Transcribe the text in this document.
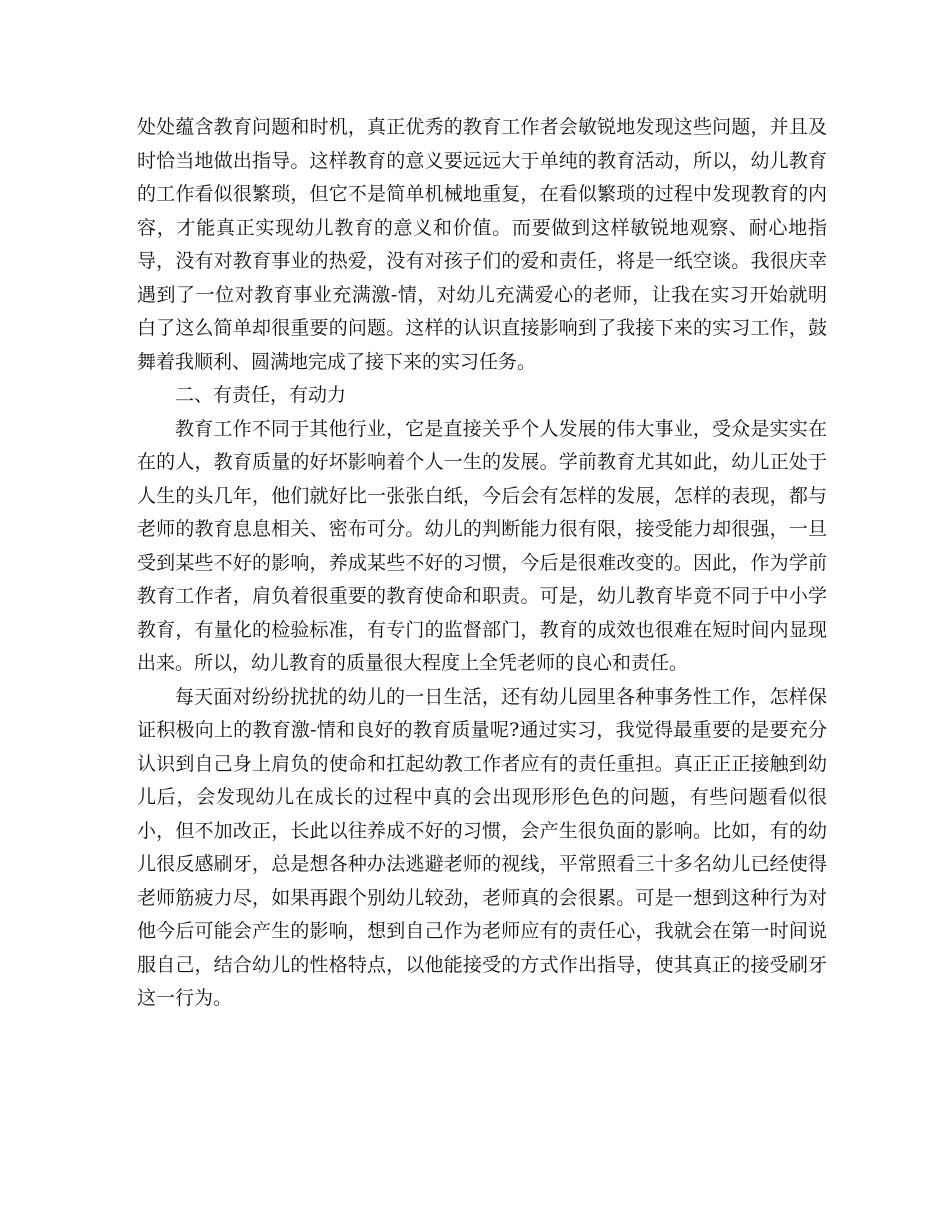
处处蕴含教育问题和时机，真正优秀的教育工作者会敏锐地发现这些问题，并且及时恰当地做出指导。这样教育的意义要远远大于单纯的教育活动，所以，幼儿教育的工作看似很繁琐，但它不是简单机械地重复，在看似繁琐的过程中发现教育的内容，才能真正实现幼儿教育的意义和价值。而要做到这样敏锐地观察、耐心地指导，没有对教育事业的热爱，没有对孩子们的爱和责任，将是一纸空谈。我很庆幸遇到了一位对教育事业充满激-情，对幼儿充满爱心的老师，让我在实习开始就明白了这么简单却很重要的问题。这样的认识直接影响到了我接下来的实习工作，鼓舞着我顺利、圆满地完成了接下来的实习任务。

二、有责任，有动力

教育工作不同于其他行业，它是直接关乎个人发展的伟大事业，受众是实实在在的人，教育质量的好坏影响着个人一生的发展。学前教育尤其如此，幼儿正处于人生的头几年，他们就好比一张张白纸，今后会有怎样的发展，怎样的表现，都与老师的教育息息相关、密布可分。幼儿的判断能力很有限，接受能力却很强，一旦受到某些不好的影响，养成某些不好的习惯，今后是很难改变的。因此，作为学前教育工作者，肩负着很重要的教育使命和职责。可是，幼儿教育毕竟不同于中小学教育，有量化的检验标准，有专门的监督部门，教育的成效也很难在短时间内显现出来。所以，幼儿教育的质量很大程度上全凭老师的良心和责任。

每天面对纷纷扰扰的幼儿的一日生活，还有幼儿园里各种事务性工作，怎样保证积极向上的教育激-情和良好的教育质量呢?通过实习，我觉得最重要的是要充分认识到自己身上肩负的使命和扛起幼教工作者应有的责任重担。真正正正接触到幼儿后，会发现幼儿在成长的过程中真的会出现形形色色的问题，有些问题看似很小，但不加改正，长此以往养成不好的习惯，会产生很负面的影响。比如，有的幼儿很反感刷牙，总是想各种办法逃避老师的视线，平常照看三十多名幼儿已经使得老师筋疲力尽，如果再跟个别幼儿较劲，老师真的会很累。可是一想到这种行为对他今后可能会产生的影响，想到自己作为老师应有的责任心，我就会在第一时间说服自己，结合幼儿的性格特点，以他能接受的方式作出指导，使其真正的接受刷牙这一行为。
